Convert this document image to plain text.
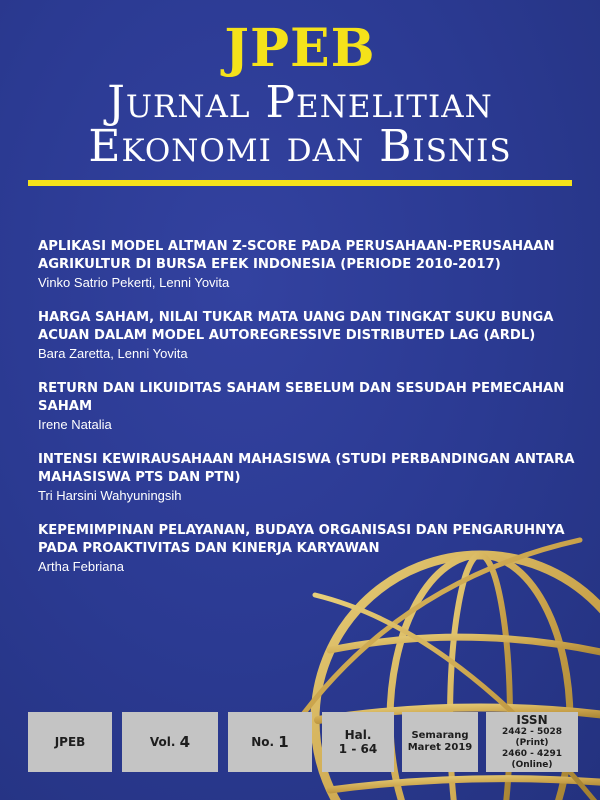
JPEB
Jurnal Penelitian
Ekonomi dan Bisnis
APLIKASI MODEL ALTMAN Z-SCORE PADA PERUSAHAAN-PERUSAHAAN AGRIKULTUR DI BURSA EFEK INDONESIA (PERIODE 2010-2017)
Vinko Satrio Pekerti, Lenni Yovita
HARGA SAHAM, NILAI TUKAR MATA UANG DAN TINGKAT SUKU BUNGA ACUAN DALAM MODEL AUTOREGRESSIVE DISTRIBUTED LAG (ARDL)
Bara Zaretta, Lenni Yovita
RETURN DAN LIKUIDITAS SAHAM SEBELUM DAN SESUDAH PEMECAHAN SAHAM
Irene Natalia
INTENSI KEWIRAUSAHAAN MAHASISWA (STUDI PERBANDINGAN ANTARA MAHASISWA PTS DAN PTN)
Tri Harsini Wahyuningsih
KEPEMIMPINAN PELAYANAN, BUDAYA ORGANISASI DAN PENGARUHNYA PADA PROAKTIVITAS DAN KINERJA KARYAWAN
Artha Febriana
JPEB	Vol.
4	No.
1	Hal.
1 - 64
Semarang
Maret 2019
ISSN
2442 - 5028 (Print)
2460 - 4291 (Online)
